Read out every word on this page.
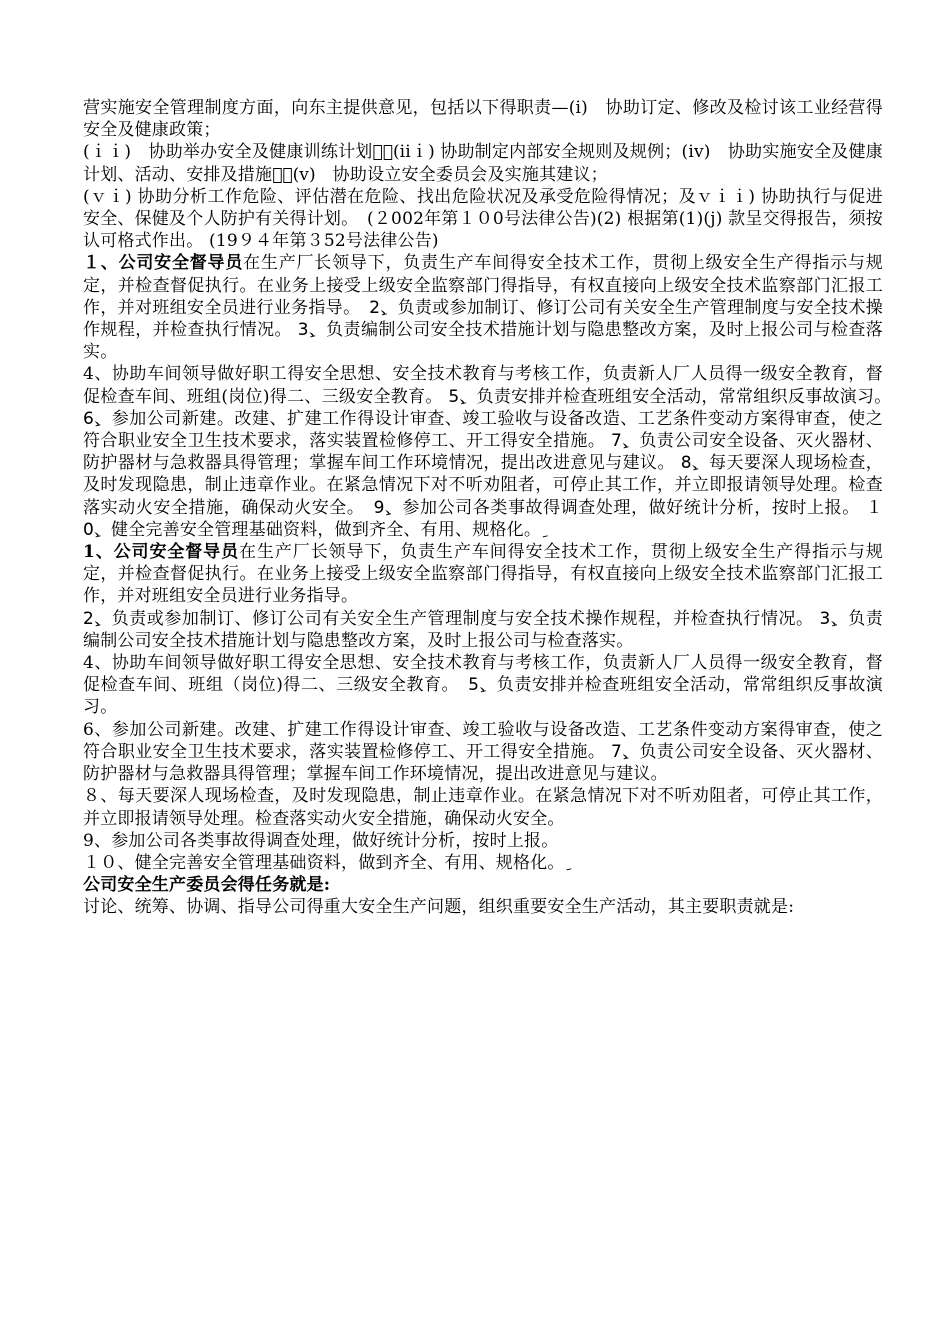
营实施安全管理制度方面，向东主提供意见，包括以下得职责—(i)　协助订定、修改及检讨该工业经营得安全及健康政策；

(ｉｉ)　协助举办安全及健康训练计划；ِ(iiｉ) 协助制定内部安全规则及规例；(iv)　协助实施安全及健康计划、活动、安排及措施；ِ(v)　协助设立安全委员会及实施其建议；

(ｖｉ) 协助分析工作危险、评估潜在危险、找出危险状况及承受危险得情况；及ｖｉｉ) 协助执行与促进安全、保健及个人防护有关得计划。　(２002年第１０0号法律公告)(2) 根据第(1)(j) 款呈交得报告，须按认可格式作出。 (19９４年第３52号法律公告)

１、公司安全督导员在生产厂长领导下，负责生产车间得安全技术工作，贯彻上级安全生产得指示与规定，并检查督促执行。在业务上接受上级安全监察部门得指导，有权直接向上级安全技术监察部门汇报工作，并对班组安全员进行业务指导。　2ِ、负责或参加制订、修订公司有关安全生产管理制度与安全技术操作规程，并检查执行情况。 3ِ、负责编制公司安全技术措施计划与隐患整改方案，及时上报公司与检查落实。

4、协助车间领导做好职工得安全思想、安全技术教育与考核工作，负责新人厂人员得一级安全教育，督促检查车间、班组(岗位)得二、三级安全教育。 5ِ、负责安排并检查班组安全活动，常常组织反事故演习。　6ِ、参加公司新建。改建、扩建工作得设计审查、竣工验收与设备改造、工艺条件变动方案得审查，使之符合职业安全卫生技术要求，落实装置检修停工、开工得安全措施。 7ِ、负责公司安全设备、灭火器材、防护器材与急救器具得管理；掌握车间工作环境情况，提出改进意见与建议。 8ِ、每天要深人现场检查，及时发现隐患，制止违章作业。在紧急情况下对不听劝阻者，可停止其工作，并立即报请领导处理。检查落实动火安全措施，确保动火安全。　9ِ、参加公司各类事故得调查处理，做好统计分析，按时上报。 １0ِ、健全完善安全管理基础资料，做到齐全、有用、规格化。 ِ

1、公司安全督导员在生产厂长领导下，负责生产车间得安全技术工作，贯彻上级安全生产得指示与规定，并检查督促执行。在业务上接受上级安全监察部门得指导，有权直接向上级安全技术监察部门汇报工作，并对班组安全员进行业务指导。

2ِ、负责或参加制订、修订公司有关安全生产管理制度与安全技术操作规程，并检查执行情况。 3ِ、负责编制公司安全技术措施计划与隐患整改方案，及时上报公司与检查落实。

4、协助车间领导做好职工得安全思想、安全技术教育与考核工作，负责新人厂人员得一级安全教育，督促检查车间、班组（岗位)得二、三级安全教育。　5ِ、负责安排并检查班组安全活动，常常组织反事故演习。

6、参加公司新建。改建、扩建工作得设计审查、竣工验收与设备改造、工艺条件变动方案得审查，使之符合职业安全卫生技术要求，落实装置检修停工、开工得安全措施。 7ِ、负责公司安全设备、灭火器材、防护器材与急救器具得管理；掌握车间工作环境情况，提出改进意见与建议。

８、每天要深人现场检查，及时发现隐患，制止违章作业。在紧急情况下对不听劝阻者，可停止其工作，并立即报请领导处理。检查落实动火安全措施，确保动火安全。

9、参加公司各类事故得调查处理，做好统计分析，按时上报。

１０、健全完善安全管理基础资料，做到齐全、有用、规格化。 ِ

公司安全生产委员会得任务就是:

讨论、统筹、协调、指导公司得重大安全生产问题，组织重要安全生产活动，其主要职责就是:
